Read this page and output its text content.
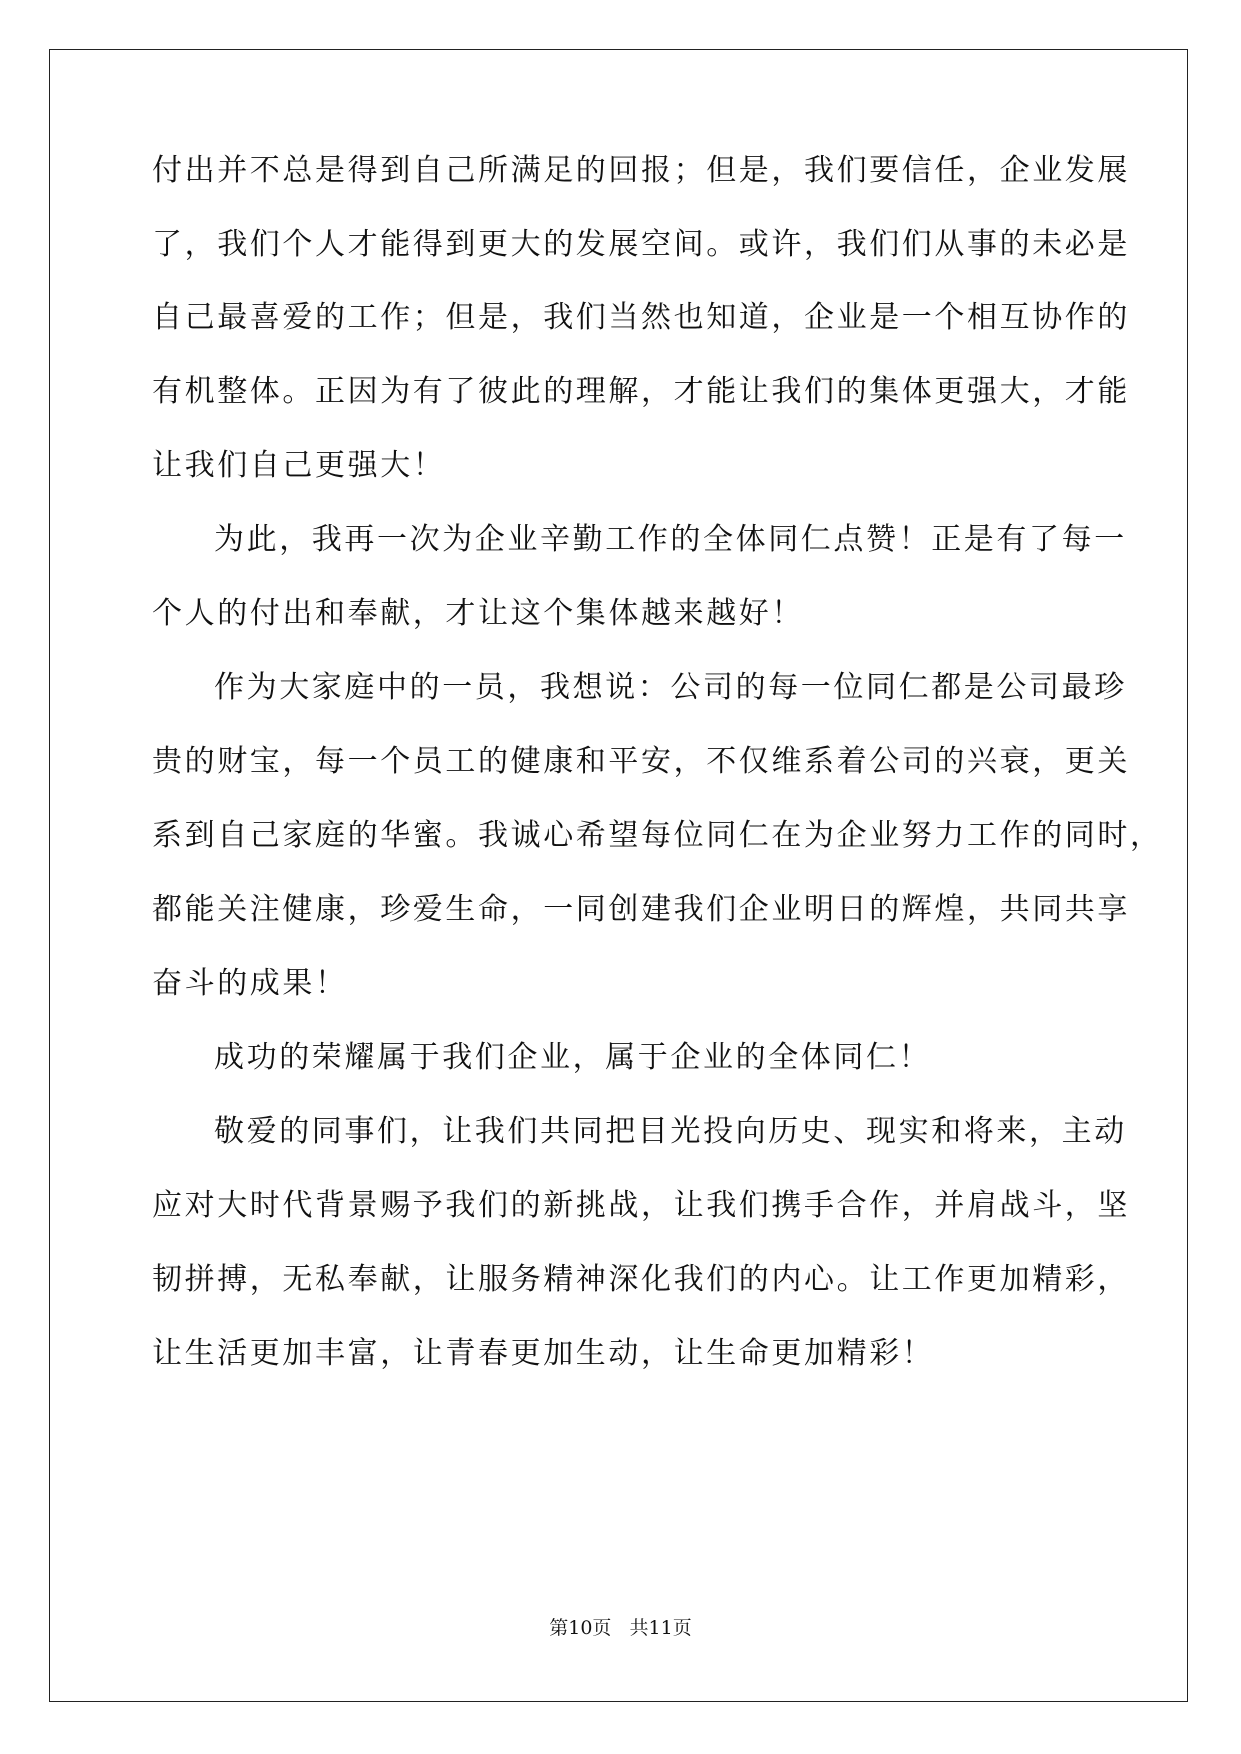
付出并不总是得到自己所满足的回报；但是，我们要信任，企业发展

了，我们个人才能得到更大的发展空间。或许，我们们从事的未必是

自己最喜爱的工作；但是，我们当然也知道，企业是一个相互协作的

有机整体。正因为有了彼此的理解，才能让我们的集体更强大，才能

让我们自己更强大！

为此，我再一次为企业辛勤工作的全体同仁点赞！正是有了每一

个人的付出和奉献，才让这个集体越来越好！

作为大家庭中的一员，我想说：公司的每一位同仁都是公司最珍

贵的财宝，每一个员工的健康和平安，不仅维系着公司的兴衰，更关

系到自己家庭的华蜜。我诚心希望每位同仁在为企业努力工作的同时，

都能关注健康，珍爱生命，一同创建我们企业明日的辉煌，共同共享

奋斗的成果！

成功的荣耀属于我们企业，属于企业的全体同仁！

敬爱的同事们，让我们共同把目光投向历史、现实和将来，主动

应对大时代背景赐予我们的新挑战，让我们携手合作，并肩战斗，坚

韧拼搏，无私奉献，让服务精神深化我们的内心。让工作更加精彩，

让生活更加丰富，让青春更加生动，让生命更加精彩！

第10页   共11页
